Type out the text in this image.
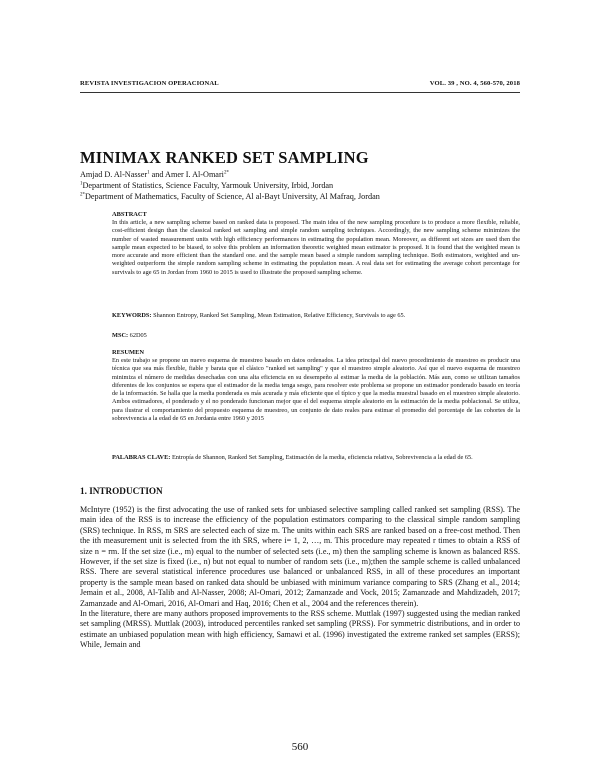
REVISTA INVESTIGACION OPERACIONAL	VOL. 39 , NO. 4, 560-570, 2018
MINIMAX RANKED SET SAMPLING
Amjad D. Al-Nasser$^1$ and Amer I. Al-Omari$^{2*}$
$^1$Department of Statistics, Science Faculty, Yarmouk University, Irbid, Jordan
$^{2*}$Department of Mathematics, Faculty of Science, Al al-Bayt University, Al Mafraq, Jordan
ABSTRACT
In this article, a new sampling scheme based on ranked data is proposed. The main idea of the new sampling procedure is to produce a more flexible, reliable, cost-efficient design than the classical ranked set sampling and simple random sampling techniques. Accordingly, the new sampling scheme minimizes the number of wasted measurement units with high efficiency performances in estimating the population mean. Moreover, as different set sizes are used then the sample mean expected to be biased, to solve this problem an information theoretic weighted mean estimator is proposed. It is found that the weighted mean is more accurate and more efficient than the standard one. and the sample mean based a simple random sampling technique. Both estimators, weighted and un-weighted outperform the simple random sampling scheme in estimating the population mean. A real data set for estimating the average cohort percentage for survivals to age 65 in Jordan from 1960 to 2015 is used to illustrate the proposed sampling scheme.
KEYWORDS: Shannon Entropy, Ranked Set Sampling, Mean Estimation, Relative Efficiency, Survivals to age 65.
MSC: 62D05
RESUMEN
En este trabajo se propone un nuevo esquema de muestreo basado en datos ordenados. La idea principal del nuevo procedimiento de muestreo es producir una técnica que sea más flexible, fiable y barata que el clásico "ranked set sampling" y que el muestreo simple aleatorio. Así que el nuevo esquema de muestreo minimiza el número de medidas desechadas con una alta eficiencia en su desempeño al estimar la media de la población. Más aun, como se utilizan tamaños diferentes de los conjuntos se espera que el estimador de la media tenga sesgo, para resolver este problema se propone un estimador ponderado basado en teoría de la información. Se halla que la media ponderada es más acurada y más eficiente que el típico y que la media muestral basado en el muestreo simple aleatorio. Ambos estimadores, el ponderado y el no ponderado funcionan mejor que el del esquema simple aleatorio en la estimación de la media poblacional. Se utiliza, para ilustrar el comportamiento del propuesto esquema de muestreo, un conjunto de dato reales para estimar el promedio del porcentaje de las cohortes de la sobrevivencia a la edad de 65 en Jordania entre 1960 y 2015
PALABRAS CLAVE: Entropía de Shannon, Ranked Set Sampling, Estimación de la media, eficiencia relativa, Sobrevivencia a la edad de 65.
1. INTRODUCTION

McIntyre (1952) is the first advocating the use of ranked sets for unbiased selective sampling called ranked set sampling (RSS). The main idea of the RSS is to increase the efficiency of the population estimators comparing to the classical simple random sampling (SRS) technique. In RSS, m SRS are selected each of size m. The units within each SRS are ranked based on a free-cost method. Then the ith measurement unit is selected from the ith SRS, where i= 1, 2, …, m. This procedure may repeated r times to obtain a RSS of size n = rm. If the set size (i.e., m) equal to the number of selected sets (i.e., m) then the sampling scheme is known as balanced RSS. However, if the set size is fixed (i.e., n) but not equal to number of random sets (i.e., m);then the sample scheme is called unbalanced RSS. There are several statistical inference procedures use balanced or unbalanced RSS, in all of these procedures an important property is the sample mean based on ranked data should be unbiased with minimum variance comparing to SRS (Zhang et al., 2014; Jemain et al., 2008, Al-Talib and Al-Nasser, 2008; Al-Omari, 2012; Zamanzade and Vock, 2015; Zamanzade and Mahdizadeh, 2017; Zamanzade and Al-Omari, 2016, Al-Omari and Haq, 2016; Chen et al., 2004 and the references therein).

In the literature, there are many authors proposed improvements to the RSS scheme. Muttlak (1997) suggested using the median ranked set sampling (MRSS). Muttlak (2003), introduced percentiles ranked set sampling (PRSS). For symmetric distributions, and in order to estimate an unbiased population mean with high efficiency, Samawi et al. (1996) investigated the extreme ranked set samples (ERSS); While, Jemain and

560
